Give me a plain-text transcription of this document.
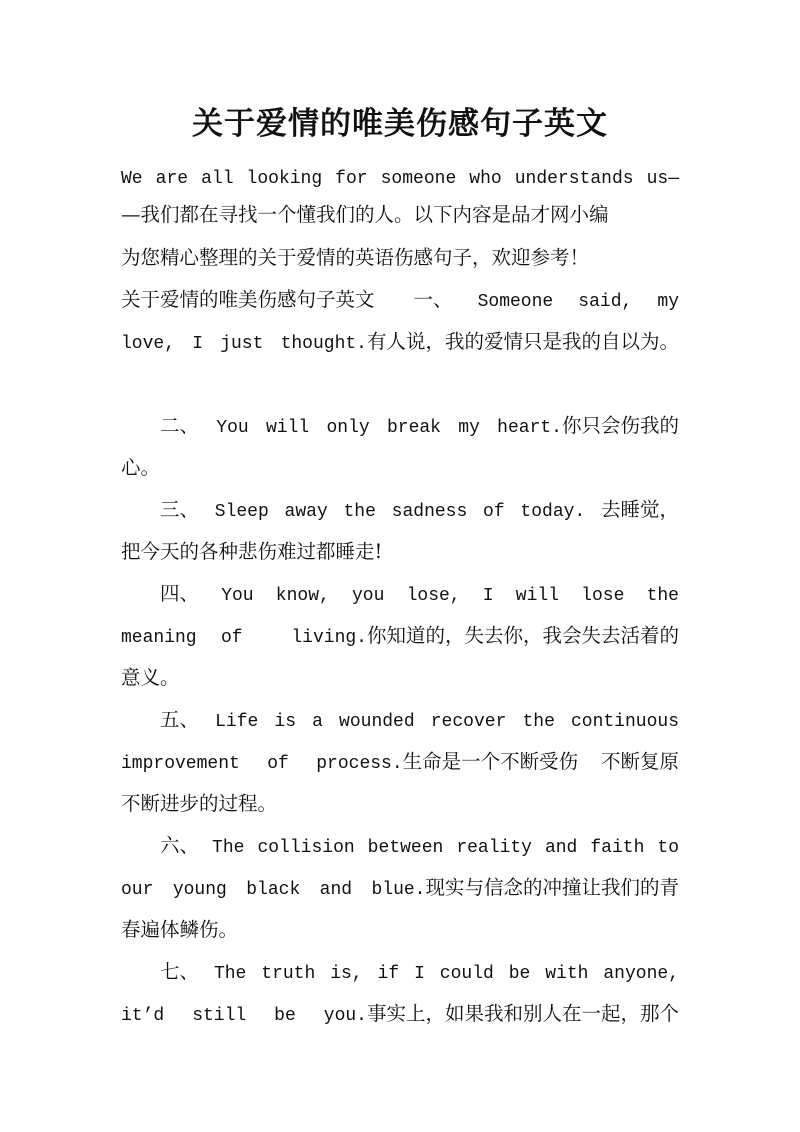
关于爱情的唯美伤感句子英文
We are all looking for someone who understands us—
—我们都在寻找一个懂我们的人。以下内容是品才网小编
为您精心整理的关于爱情的英语伤感句子，欢迎参考！
关于爱情的唯美伤感句子英文　　一、 Someone said, my
love, I just thought.有人说，我的爱情只是我的自以为。
　　二、 You will only break my heart.你只会伤我的
心。
　　三、 Sleep away the sadness of today. 去睡觉，
把今天的各种悲伤难过都睡走!
　　四、 You know, you lose, I will lose the
meaning of  living.你知道的，失去你，我会失去活着的
意义。
　　五、 Life is a wounded recover the continuous
improvement of process.生命是一个不断受伤 不断复原
不断进步的过程。
　　六、 The collision between reality and faith to
our young black and blue.现实与信念的冲撞让我们的青
春遍体鳞伤。
　　七、 The truth is, if I could be with anyone,
it’d still be you.事实上，如果我和别人在一起，那个
